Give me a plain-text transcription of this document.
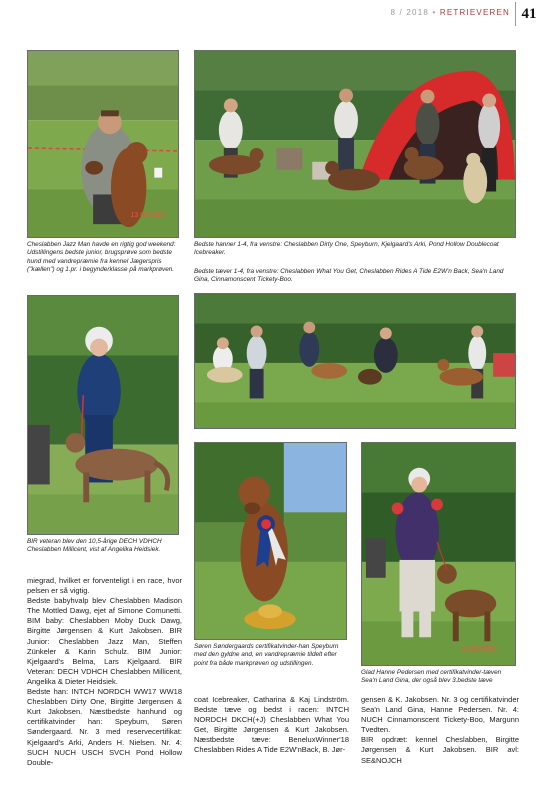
8 / 2018 • RETRIEVEREN 41
13 08 2018
Cheslabben Jazz Man havde en rigtig god weekend: Udstillingens bedste junior, brugsprøve som bedste hund med vandrepræmie fra kennel Jægerspris ("kællen") og 1.pr. i begynderklasse på markprøven.
Bedste hanner 1-4, fra venstre: Cheslabben Dirty One, Speyburn, Kjelgaard's Arki, Pond Hollow Doublecoat Icebreaker.
Bedste tæver 1-4, fra venstre: Cheslabben What You Get, Cheslabben Rides A Tide E2W'n Back, Sea'n Land Gina, Cinnamonscent Tickety-Boo.
BIR veteran blev den 10,5-årige DECH VDHCH Cheslabben Millicent, vist af Angelika Heidsiek.
Søren Søndergaards certifikatvinder-han Speyburn med den gyldne and, en vandrepræmie tildelt efter point fra både markprøven og udstillingen.
12 08 2018
Glad Hanne Pedersen med certifikatvinder-tæven Sea'n Land Gina, der også blev 3.bedste tæve

miegrad, hvilket er forventeligt i en race, hvor pelsen er så vigtig.

Bedste babyhvalp blev Cheslabben Madison The Mottled Dawg, ejet af Simone Comunetti. BIM baby: Cheslabben Moby Duck Dawg, Birgitte Jørgensen & Kurt Jakobsen. BIR Junior: Cheslabben Jazz Man, Steffen Zünkeler & Karin Schulz. BIM Junior: Kjelgaard's Belma, Lars Kjelgaard. BIR Veteran: DECH VDHCH Cheslabben Millicent, Angelika & Dieter Heidsiek.

Bedste han: INTCH NORDCH WW17 WW18 Cheslabben Dirty One, Birgitte Jørgensen & Kurt Jakobsen. Næstbedste hanhund og certifikatvinder han: Speyburn, Søren Søndergaard. Nr. 3 med reservecertifikat: Kjelgaard's Arki, Anders H. Nielsen. Nr. 4: SUCH NUCH USCH SVCH Pond Hollow Double-

coat Icebreaker, Catharina & Kaj Lindström. Bedste tæve og bedst i racen: INTCH NORDCH DKCH(+J) Cheslabben What You Get, Birgitte Jørgensen & Kurt Jakobsen. Næstbedste tæve: BeneluxWinner'18 Cheslabben Rides A Tide E2W'nBack, B. Jør-

gensen & K. Jakobsen. Nr. 3 og certifikatvinder Sea'n Land Gina, Hanne Pedersen. Nr. 4: NUCH Cinnamonscent Tickety-Boo, Margunn Tvedten.

BIR opdræt: kennel Cheslabben, Birgitte Jørgensen & Kurt Jakobsen. BIR avl: SE&NOJCH
